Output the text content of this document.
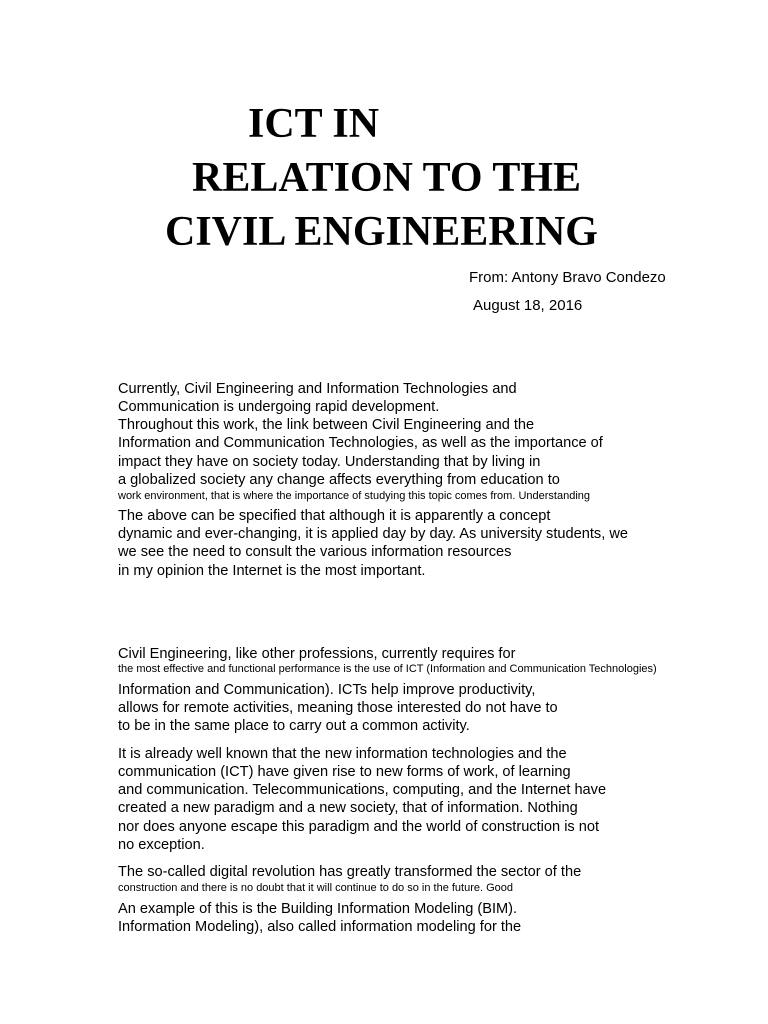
ICT IN
RELATION TO THE
CIVIL ENGINEERING
From: Antony Bravo Condezo
August 18, 2016
Currently, Civil Engineering and Information Technologies and
Communication is undergoing rapid development.
Throughout this work, the link between Civil Engineering and the
Information and Communication Technologies, as well as the importance of
impact they have on society today. Understanding that by living in
a globalized society any change affects everything from education to
work environment, that is where the importance of studying this topic comes from. Understanding
The above can be specified that although it is apparently a concept
dynamic and ever-changing, it is applied day by day. As university students, we
we see the need to consult the various information resources
in my opinion the Internet is the most important.
Civil Engineering, like other professions, currently requires for
the most effective and functional performance is the use of ICT (Information and Communication Technologies)
Information and Communication). ICTs help improve productivity,
allows for remote activities, meaning those interested do not have to
to be in the same place to carry out a common activity.
It is already well known that the new information technologies and the
communication (ICT) have given rise to new forms of work, of learning
and communication. Telecommunications, computing, and the Internet have
created a new paradigm and a new society, that of information. Nothing
nor does anyone escape this paradigm and the world of construction is not
no exception.
The so-called digital revolution has greatly transformed the sector of the
construction and there is no doubt that it will continue to do so in the future. Good
An example of this is the Building Information Modeling (BIM).
Information Modeling), also called information modeling for the
